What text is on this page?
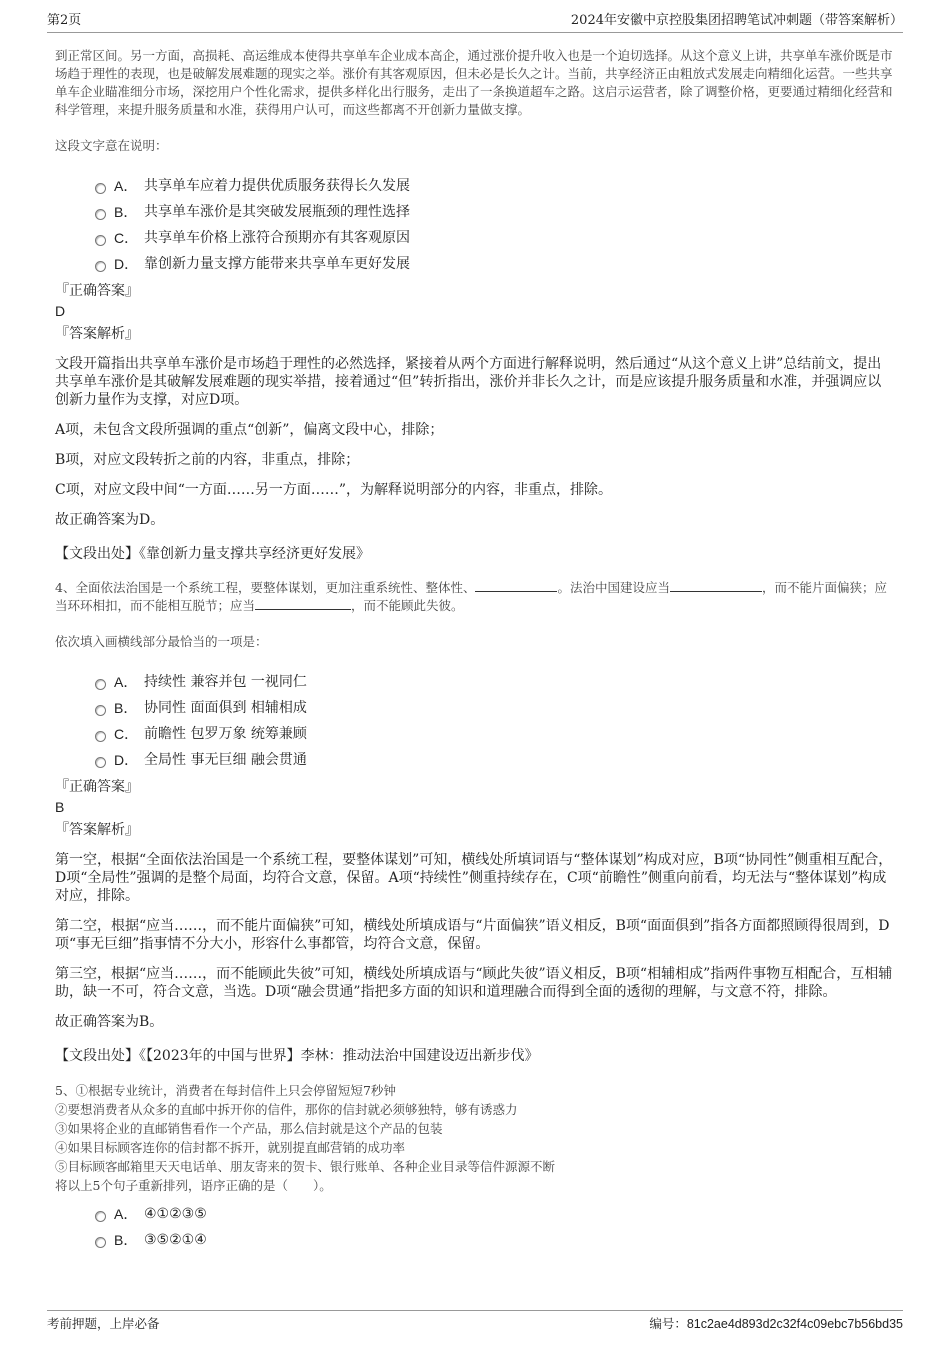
第2页	2024年安徽中京控股集团招聘笔试冲刺题（带答案解析）

到正常区间。另一方面，高损耗、高运维成本使得共享单车企业成本高企，通过涨价提升收入也是一个迫切选择。从这个意义上讲，共享单车涨价既是市场趋于理性的表现，也是破解发展难题的现实之举。涨价有其客观原因，但未必是长久之计。当前，共享经济正由粗放式发展走向精细化运营。一些共享单车企业瞄准细分市场，深挖用户个性化需求，提供多样化出行服务，走出了一条换道超车之路。这启示运营者，除了调整价格，更要通过精细化经营和科学管理，来提升服务质量和水准，获得用户认可，而这些都离不开创新力量做支撑。

这段文字意在说明：
A． 共享单车应着力提供优质服务获得长久发展
B． 共享单车涨价是其突破发展瓶颈的理性选择
C． 共享单车价格上涨符合预期亦有其客观原因
D． 靠创新力量支撑方能带来共享单车更好发展
『正确答案』
D
『答案解析』

文段开篇指出共享单车涨价是市场趋于理性的必然选择，紧接着从两个方面进行解释说明，然后通过“从这个意义上讲”总结前文，提出共享单车涨价是其破解发展难题的现实举措，接着通过“但”转折指出，涨价并非长久之计，而是应该提升服务质量和水准，并强调应以创新力量作为支撑，对应D项。

A项，未包含文段所强调的重点“创新”，偏离文段中心，排除；

B项，对应文段转折之前的内容，非重点，排除；

C项，对应文段中间“一方面……另一方面……”，为解释说明部分的内容，非重点，排除。

故正确答案为D。

【文段出处】《靠创新力量支撑共享经济更好发展》

4、全面依法治国是一个系统工程，要整体谋划，更加注重系统性、整体性、	。法治中国建设应当	，而不能片面偏狭；应当环环相扣，而不能相互脱节；应当	，而不能顾此失彼。

依次填入画横线部分最恰当的一项是：
A． 持续性 兼容并包 一视同仁
B． 协同性 面面俱到 相辅相成
C． 前瞻性 包罗万象 统筹兼顾
D． 全局性 事无巨细 融会贯通
『正确答案』
B
『答案解析』

第一空，根据“全面依法治国是一个系统工程，要整体谋划”可知，横线处所填词语与“整体谋划”构成对应，B项“协同性”侧重相互配合，D项“全局性”强调的是整个局面，均符合文意，保留。A项“持续性”侧重持续存在，C项“前瞻性”侧重向前看，均无法与“整体谋划”构成对应，排除。

第二空，根据“应当……，而不能片面偏狭”可知，横线处所填成语与“片面偏狭”语义相反，B项“面面俱到”指各方面都照顾得很周到，D项“事无巨细”指事情不分大小，形容什么事都管，均符合文意，保留。

第三空，根据“应当……，而不能顾此失彼”可知，横线处所填成语与“顾此失彼”语义相反，B项“相辅相成”指两件事物互相配合，互相辅助，缺一不可，符合文意，当选。D项“融会贯通”指把多方面的知识和道理融合而得到全面的透彻的理解，与文意不符，排除。

故正确答案为B。

【文段出处】《【2023年的中国与世界】李林：推动法治中国建设迈出新步伐》

5、①根据专业统计，消费者在每封信件上只会停留短短7秒钟

②要想消费者从众多的直邮中拆开你的信件，那你的信封就必须够独特，够有诱惑力

③如果将企业的直邮销售看作一个产品，那么信封就是这个产品的包装

④如果目标顾客连你的信封都不拆开，就别提直邮营销的成功率

⑤目标顾客邮箱里天天电话单、朋友寄来的贺卡、银行账单、各种企业目录等信件源源不断

将以上5个句子重新排列，语序正确的是（　　）。

A． ④①②③⑤
B． ③⑤②①④
考前押题，上岸必备	编号：81c2ae4d893d2c32f4c09ebc7b56bd35
